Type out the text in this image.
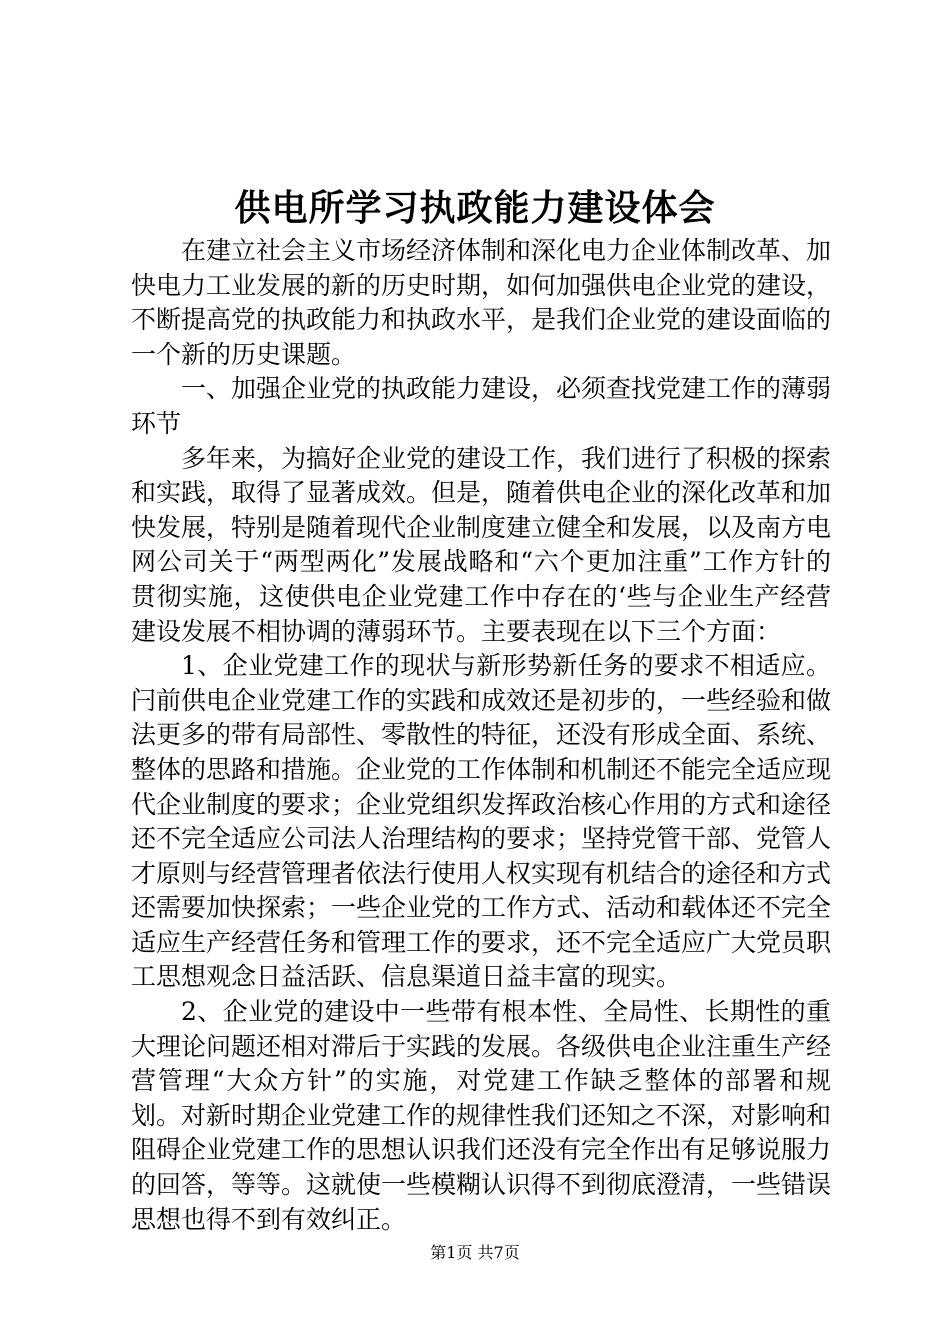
供电所学习执政能力建设体会

在建立社会主义市场经济体制和深化电力企业体制改革、加快电力工业发展的新的历史时期，如何加强供电企业党的建设，不断提高党的执政能力和执政水平，是我们企业党的建设面临的一个新的历史课题。

一、加强企业党的执政能力建设，必须查找党建工作的薄弱环节

多年来，为搞好企业党的建设工作，我们进行了积极的探索和实践，取得了显著成效。但是，随着供电企业的深化改革和加快发展，特别是随着现代企业制度建立健全和发展，以及南方电网公司关于“两型两化”发展战略和“六个更加注重”工作方针的贯彻实施，这使供电企业党建工作中存在的‘些与企业生产经营建设发展不相协调的薄弱环节。主要表现在以下三个方面：

1、企业党建工作的现状与新形势新任务的要求不相适应。闩前供电企业党建工作的实践和成效还是初步的，一些经验和做法更多的带有局部性、零散性的特征，还没有形成全面、系统、整体的思路和措施。企业党的工作体制和机制还不能完全适应现代企业制度的要求；企业党组织发挥政治核心作用的方式和途径还不完全适应公司法人治理结构的要求；坚持党管干部、党管人才原则与经营管理者依法行使用人权实现有机结合的途径和方式还需要加快探索；一些企业党的工作方式、活动和载体还不完全适应生产经营任务和管理工作的要求，还不完全适应广大党员职工思想观念日益活跃、信息渠道日益丰富的现实。

2、企业党的建设中一些带有根本性、全局性、长期性的重大理论问题还相对滞后于实践的发展。各级供电企业注重生产经营管理“大众方针”的实施，对党建工作缺乏整体的部署和规划。对新时期企业党建工作的规律性我们还知之不深，对影响和阻碍企业党建工作的思想认识我们还没有完全作出有足够说服力的回答，等等。这就使一些模糊认识得不到彻底澄清，一些错误思想也得不到有效纠正。

第1页 共7页
